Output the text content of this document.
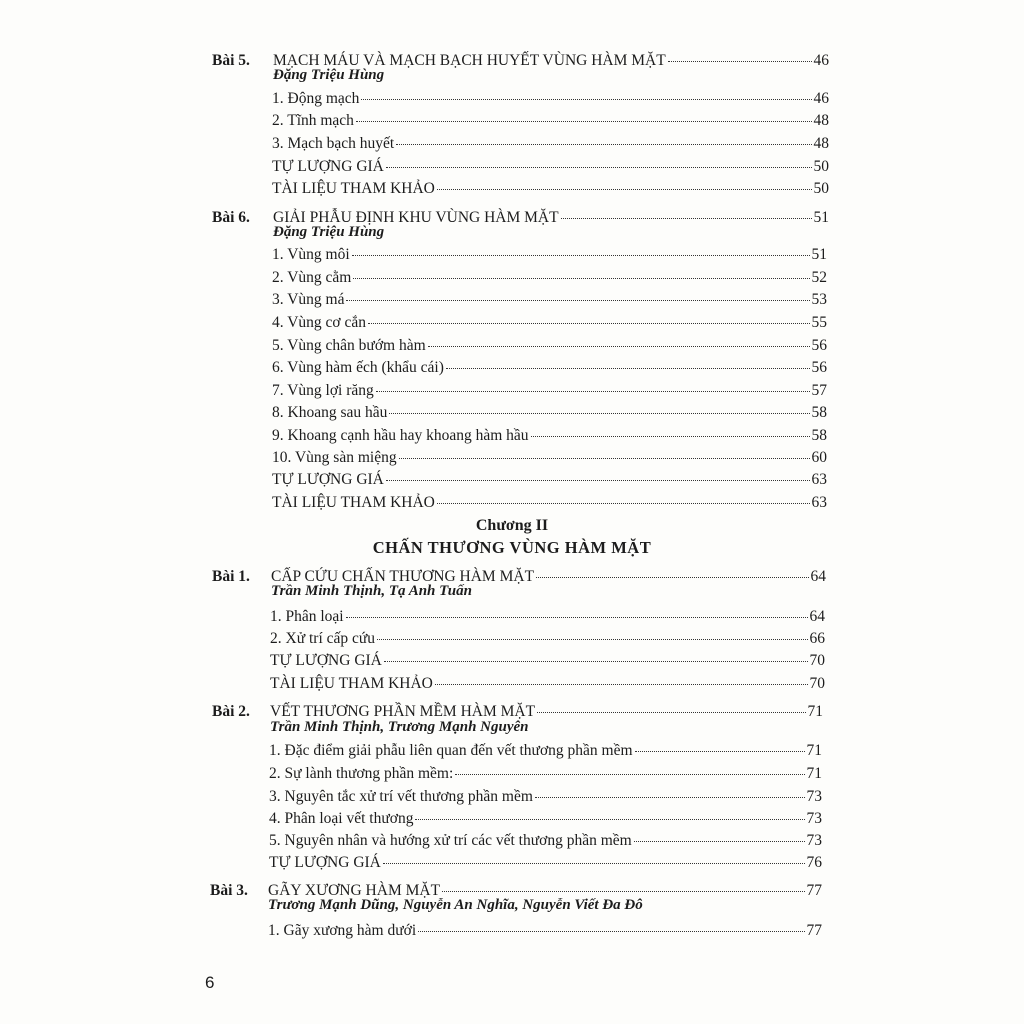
Bài 5. MẠCH MÁU VÀ MẠCH BẠCH HUYẾT VÙNG HÀM MẶT	46
Đặng Triệu Hùng
1. Động mạch	46
2. Tĩnh mạch	48
3. Mạch bạch huyết	48
TỰ LƯỢNG GIÁ	50
TÀI LIỆU THAM KHẢO	50
Bài 6. GIẢI PHẪU ĐỊNH KHU VÙNG HÀM MẶT	51
Đặng Triệu Hùng
1. Vùng môi	51
2. Vùng cằm	52
3. Vùng má	53
4. Vùng cơ cắn	55
5. Vùng chân bướm hàm	56
6. Vùng hàm ếch (khẩu cái)	56
7. Vùng lợi răng	57
8. Khoang sau hầu	58
9. Khoang cạnh hầu hay khoang hàm hầu	58
10. Vùng sàn miệng	60
TỰ LƯỢNG GIÁ	63
TÀI LIỆU THAM KHẢO	63
Chương II
CHẤN THƯƠNG VÙNG HÀM MẶT
Bài 1. CẤP CỨU CHẤN THƯƠNG HÀM MẶT	64
Trần Minh Thịnh, Tạ Anh Tuấn
1. Phân loại	64
2. Xử trí cấp cứu	66
TỰ LƯỢNG GIÁ	70
TÀI LIỆU THAM KHẢO	70
Bài 2. VẾT THƯƠNG PHẦN MỀM HÀM MẶT	71
Trần Minh Thịnh, Trương Mạnh Nguyên
1. Đặc điểm giải phẫu liên quan đến vết thương phần mềm	71
2. Sự lành thương phần mềm:	71
3. Nguyên tắc xử trí vết thương phần mềm	73
4. Phân loại vết thương	73
5. Nguyên nhân và hướng xử trí các vết thương phần mềm	73
TỰ LƯỢNG GIÁ	76
Bài 3. GÃY XƯƠNG HÀM MẶT	77
Trương Mạnh Dũng, Nguyễn An Nghĩa, Nguyễn Viết Đa Đô
1. Gãy xương hàm dưới	77
6
